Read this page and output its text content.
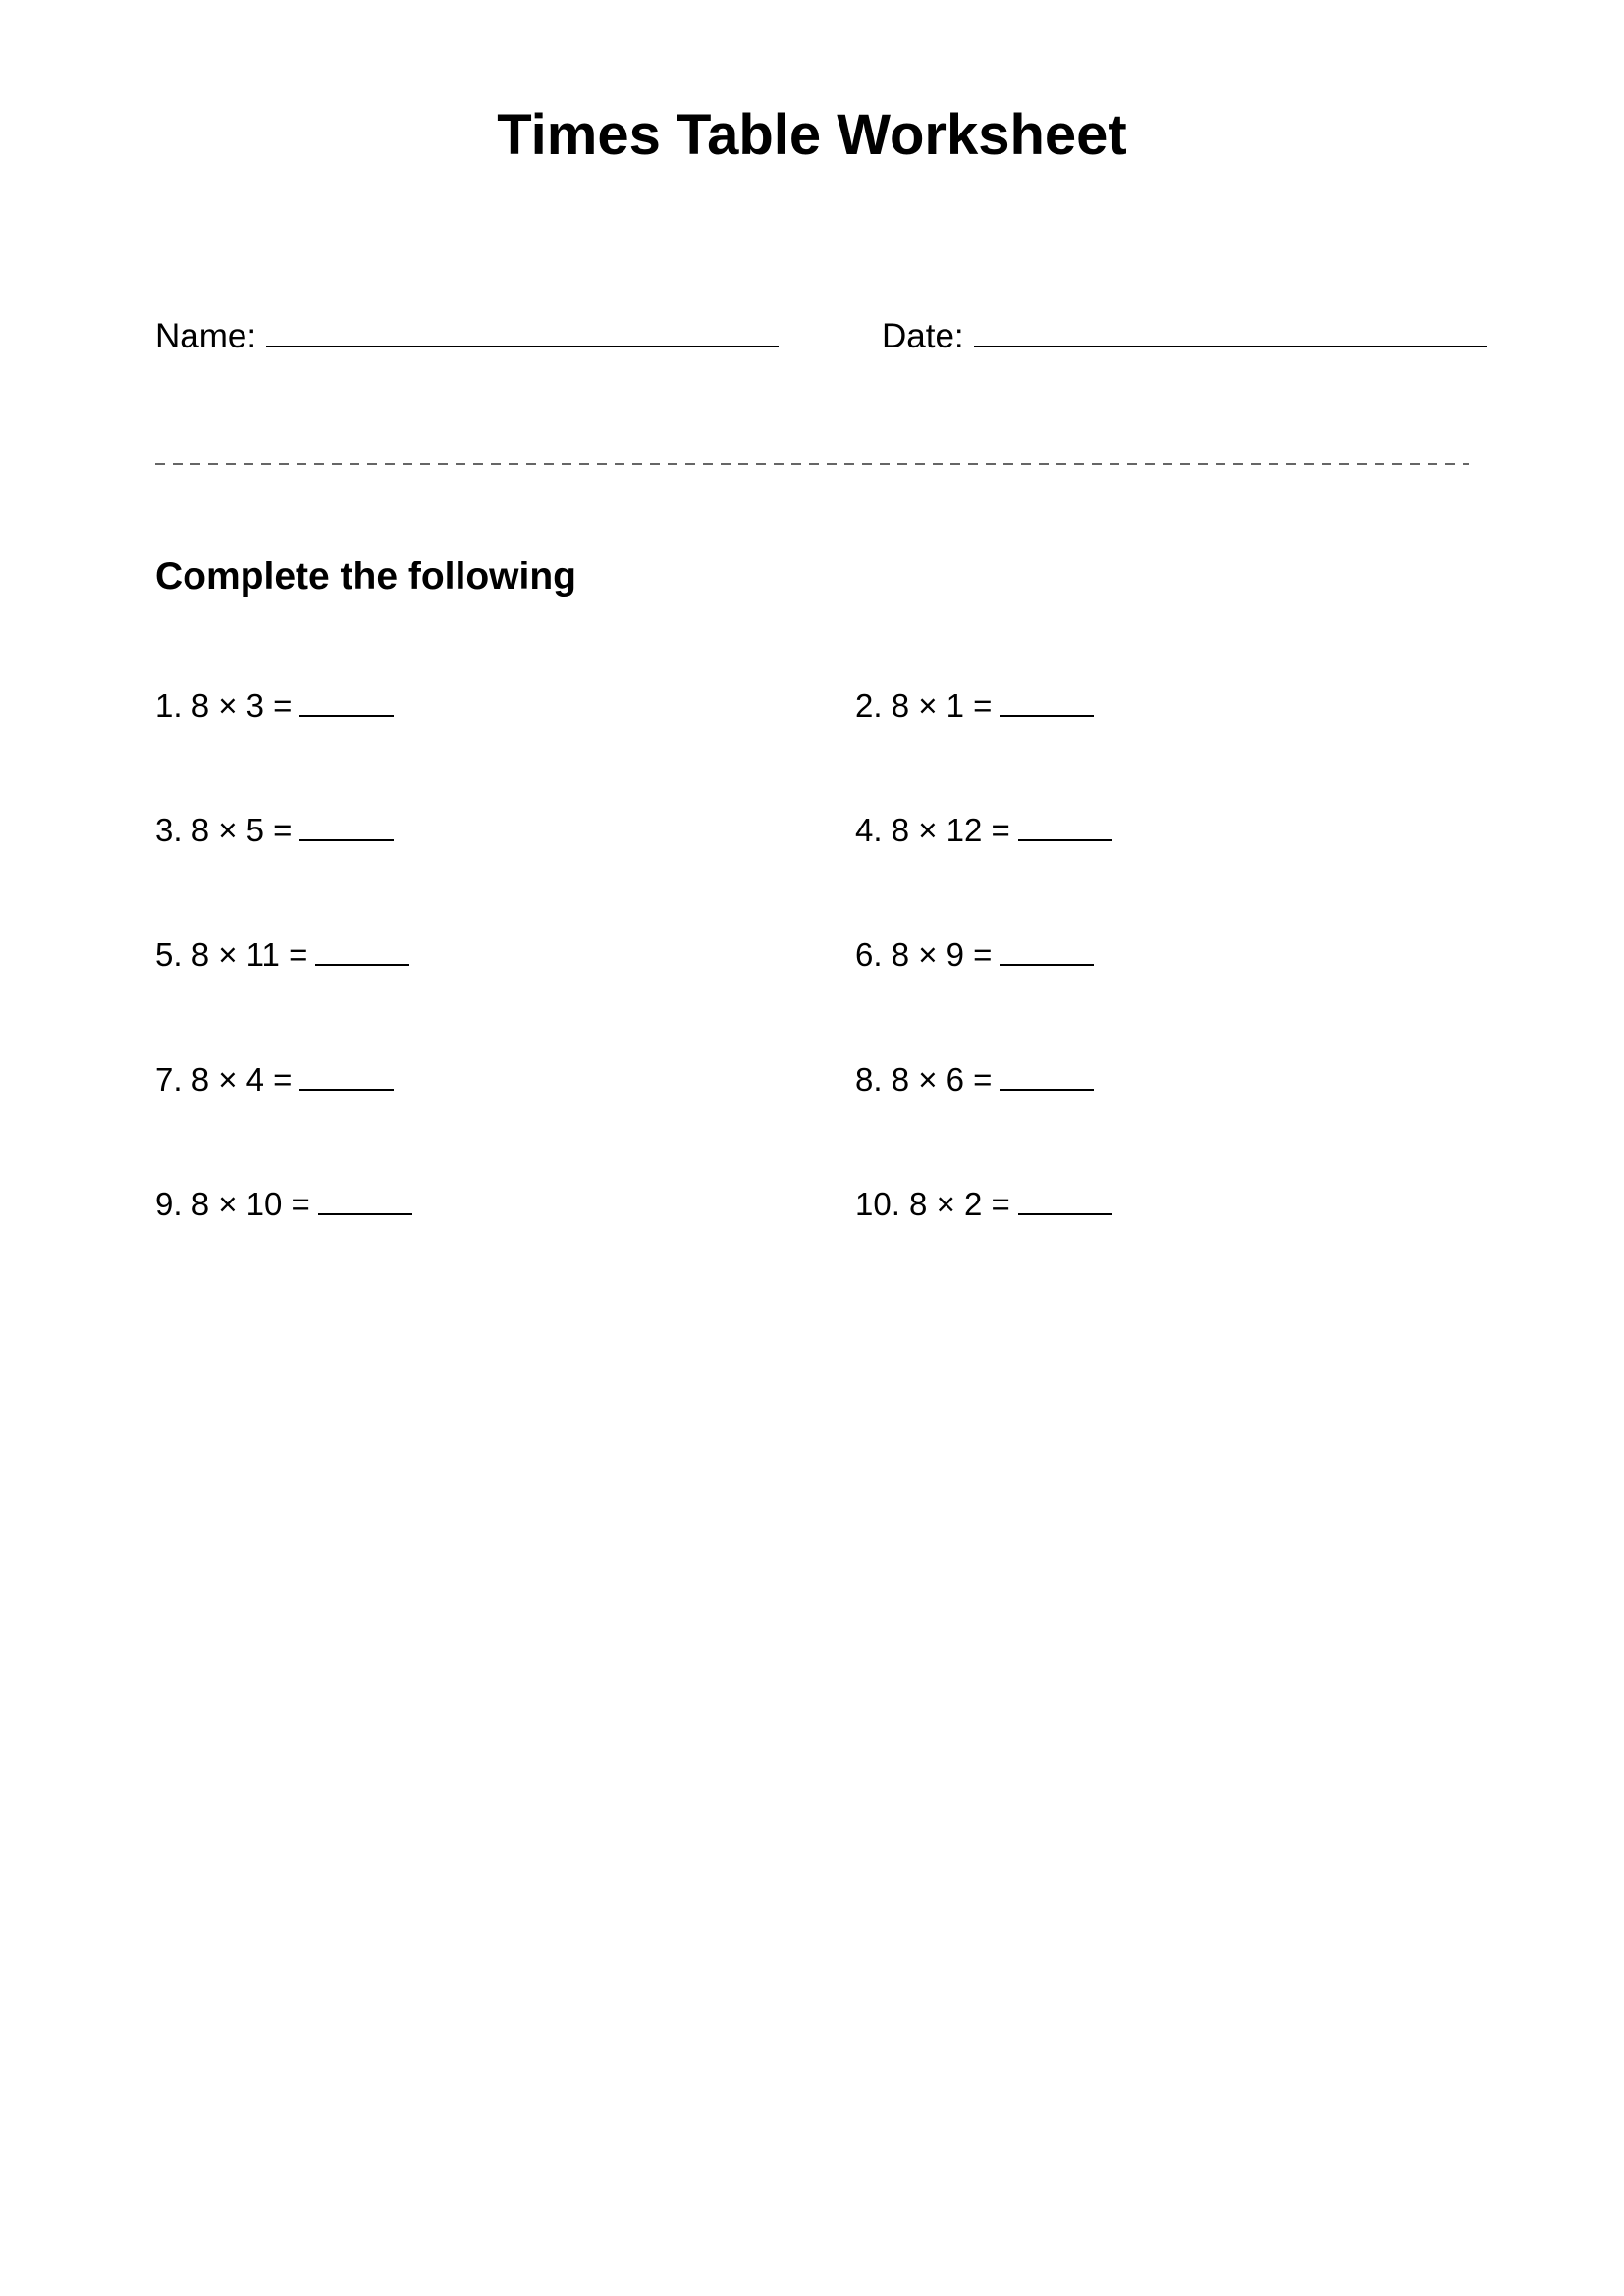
Times Table Worksheet
Name:	Date:
Complete the following
1. 8 × 3 =	2. 8 × 1 =
3. 8 × 5 =	4. 8 × 12 =
5. 8 × 11 =	6. 8 × 9 =
7. 8 × 4 =	8. 8 × 6 =
9. 8 × 10 =	10. 8 × 2 =
